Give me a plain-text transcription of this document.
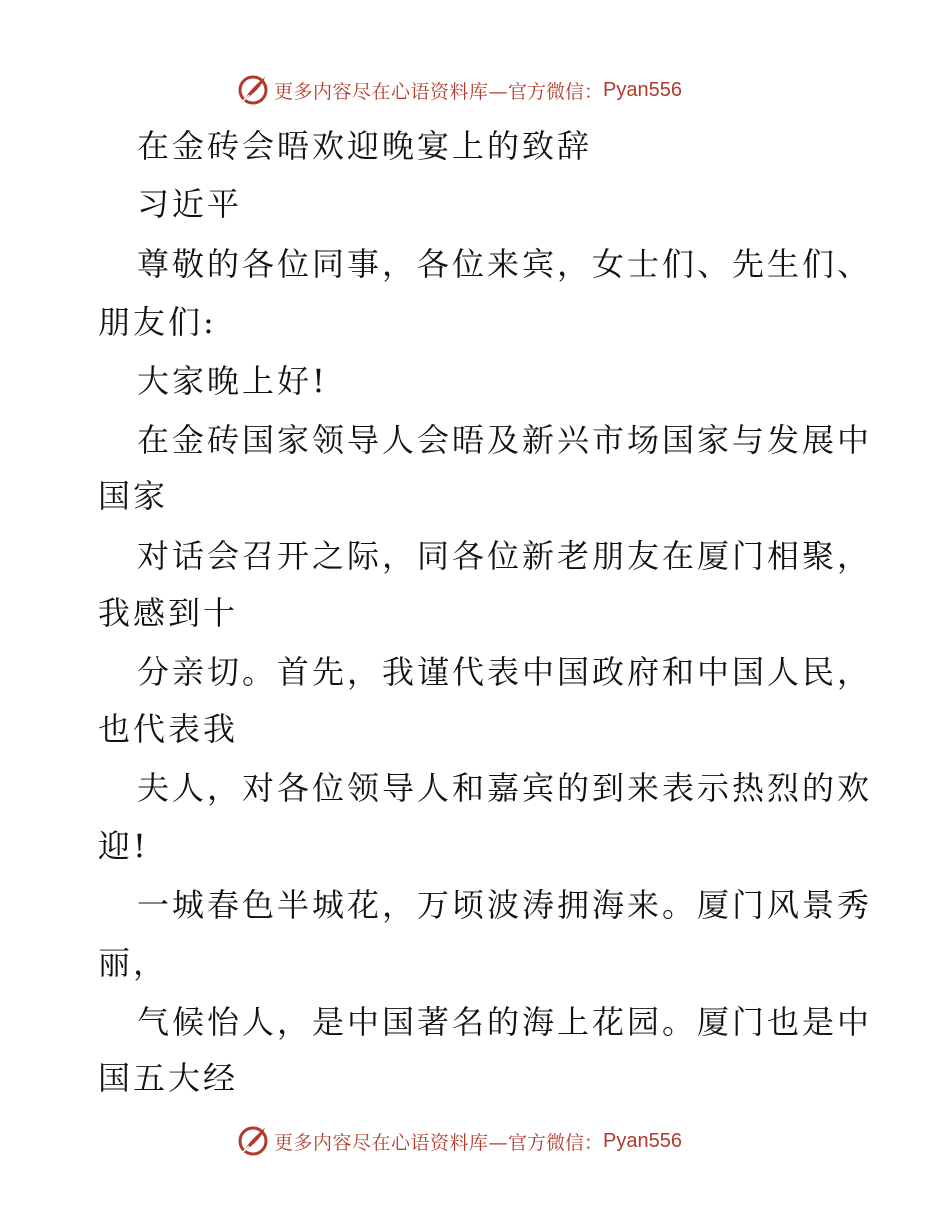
更多内容尽在心语资料库— 官方微信： Pyan556
在金砖会晤欢迎晚宴上的致辞
习近平
尊敬的各位同事，各位来宾，女士们、先生们、
朋友们:
大家晚上好!
在金砖国家领导人会晤及新兴市场国家与发展中
国家
对话会召开之际，同各位新老朋友在厦门相聚，
我感到十
分亲切。首先，我谨代表中国政府和中国人民，
也代表我
夫人，对各位领导人和嘉宾的到来表示热烈的欢
迎!
一城春色半城花，万顷波涛拥海来。厦门风景秀
丽，
气候怡人，是中国著名的海上花园。厦门也是中
国五大经
更多内容尽在心语资料库— 官方微信： Pyan556
